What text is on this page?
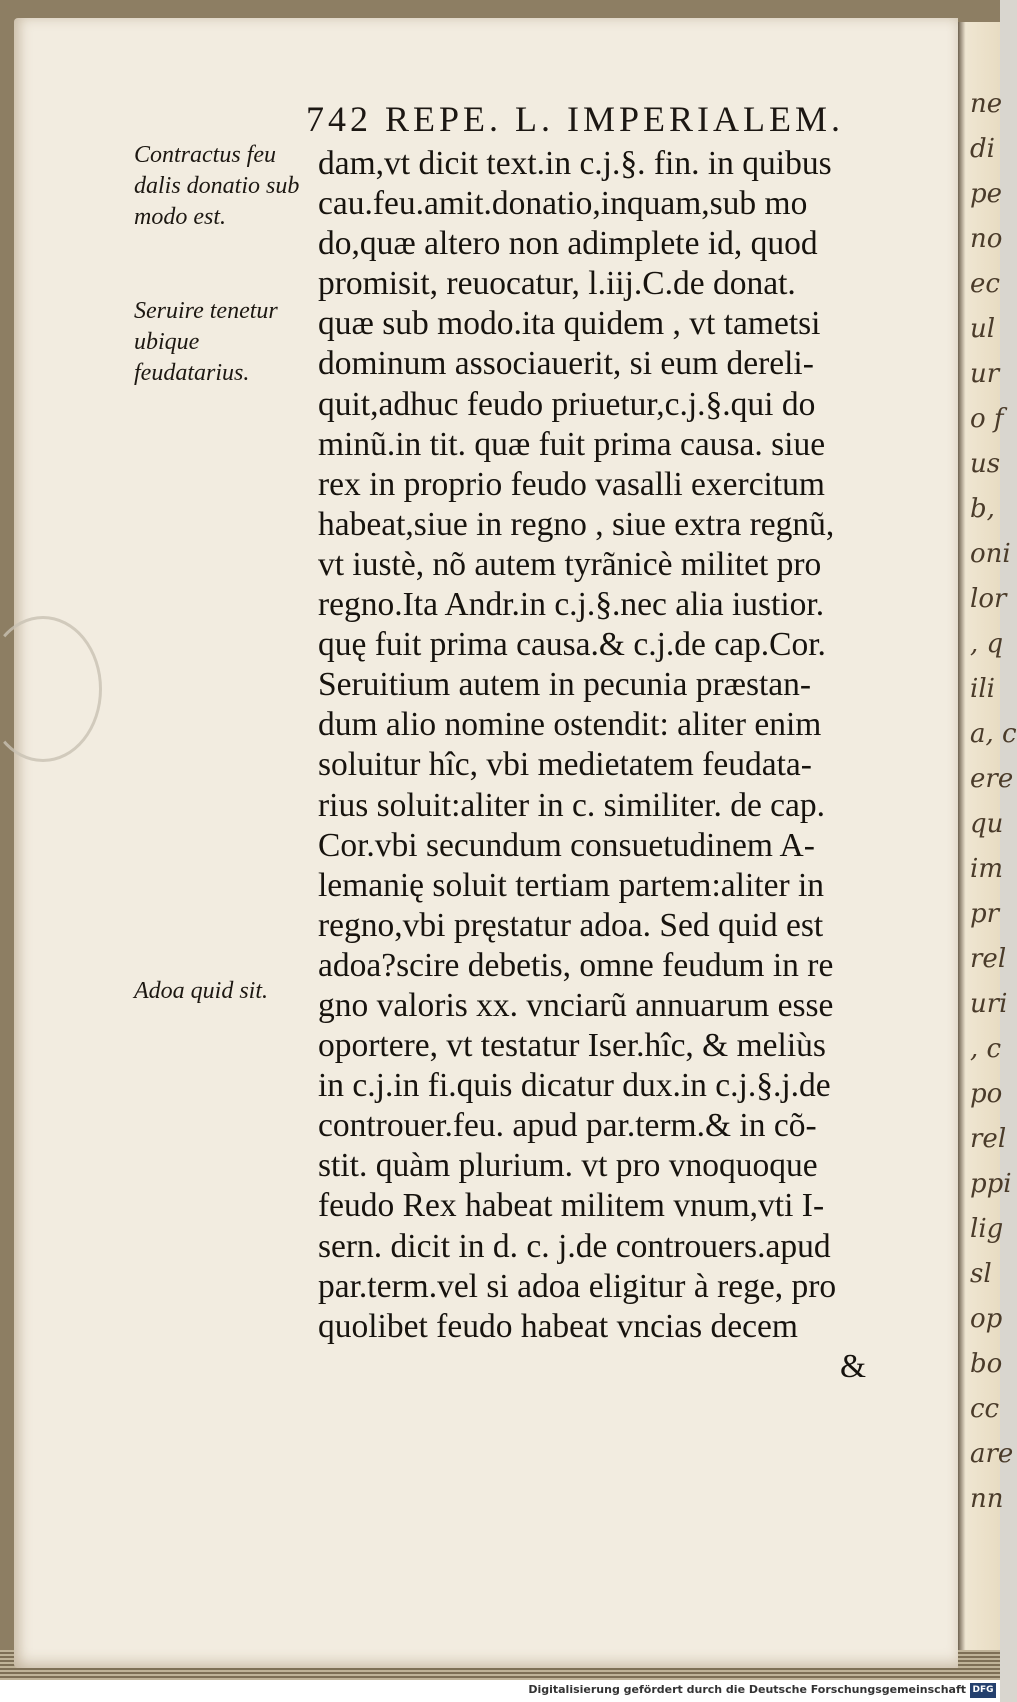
ne
di
pe
no
ec
ul
ur
o f
us
b,
oni
lor
, q
ili
a, c
ere
qu
im
pr
rel
uri
, c
po
rel
ppi
lig
sl
op
bo
cc
are
nn
742 REPE. L. IMPERIALEM.
Contractus feu dalis donatio sub modo est.
Seruire tenetur ubique feudatarius.
Adoa quid sit.
dam,vt dicit text.in c.j.§. fin. in quibus
cau.feu.amit.donatio,inquam,sub mo
do,quæ altero non adimplete id, quod
promisit, reuocatur, l.iij.C.de donat.
quæ sub modo.ita quidem , vt tametsi
dominum associauerit, si eum dereli-
quit,adhuc feudo priuetur,c.j.§.qui do
minũ.in tit. quæ fuit prima causa. siue
rex in proprio feudo vasalli exercitum
habeat,siue in regno , siue extra regnũ,
vt iustè, nõ autem tyrãnicè militet pro
regno.Ita Andr.in c.j.§.nec alia iustior.
quę fuit prima causa.& c.j.de cap.Cor.
Seruitium autem in pecunia præstan-
dum alio nomine ostendit: aliter enim
soluitur hîc, vbi medietatem feudata-
rius soluit:aliter in c. similiter. de cap.
Cor.vbi secundum consuetudinem A-
lemanię soluit tertiam partem:aliter in
regno,vbi pręstatur adoa. Sed quid est
adoa?scire debetis, omne feudum in re
gno valoris xx. vnciarũ annuarum esse
oportere, vt testatur Iser.hîc, & meliùs
in c.j.in fi.quis dicatur dux.in c.j.§.j.de
controuer.feu. apud par.term.& in cõ-
stit. quàm plurium. vt pro vnoquoque
feudo Rex habeat militem vnum,vti I-
sern. dicit in d. c. j.de controuers.apud
par.term.vel si adoa eligitur à rege, pro
quolibet feudo habeat vncias decem
&
Digitalisierung gefördert durch die Deutsche Forschungsgemeinschaft DFG
